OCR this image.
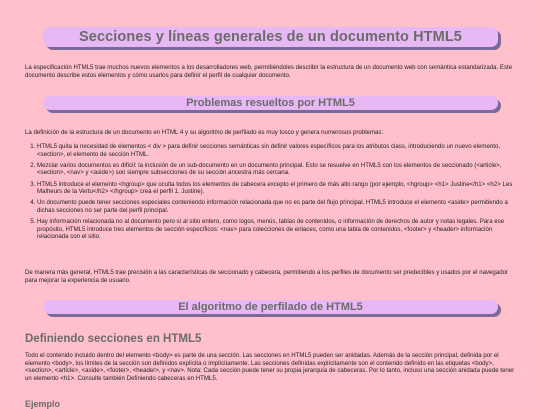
Secciones y líneas generales de un documento HTML5

La especificación HTML5 trae muchos nuevos elementos a los desarrolladores web, permitiéndoles describir la estructura de un documento web con semántica estandarizada. Este documento describe estos elementos y cómo usarlos para definir el perfil de cualquier documento.

Problemas resueltos por HTML5

La definición de la estructura de un documento en HTML 4 y su algoritmo de perfilado es muy tosco y genera numerosos problemas:

1. HTML5 quita la necesidad de elementos < div > para definir secciones semánticas sin definir valores específicos para los atributos class, introduciendo un nuevo elemento, <section>, el elemento de sección HTML.
2. Mezclar varios documentos es difícil: la inclusión de un sub-documento en un documento principal. Esto se resuelve en HTML5 con los elementos de seccionado (<article>, <section>, <nav> y <aside>) son siempre subsecciones de su sección ancestra más cercana.
3. HTML5 introduce el elemento <hgroup> que oculta todos los elementos de cabecera excepto el primero de más alto rango (por ejemplo, <hgroup> <h1> Justine</h1> <h2> Les Malheurs de la Vertu</h2> </hgroup> crea el perfil 1. Justine).
4. Un documento puede tener secciones especiales conteniendo información relacionada que no es parte del flujo principal. HTML5 introduce el elemento <aside> permitiendo a dichas secciones no ser parte del perfil principal.
5. Hay información relacionada no al documento pero sí al sitio entero, como logos, menús, tablas de contenidos, o información de derechos de autor y notas legales. Para ese propósito, HTML5 introduce tres elementos de sección específicos: <nav> para colecciones de enlaces, como una tabla de contenidos, <footer> y <header> información relacionada con el sitio.

De manera más general, HTML5 trae precisión a las características de seccionado y cabecera, permitiendo a los perfiles de documento ser predecibles y usados por el navegador para mejorar la experiencia de usuario.

El algoritmo de perfilado de HTML5
Definiendo secciones en HTML5

Todo el contenido incluido dentro del elemento <body> es parte de una sección. Las secciones en HTML5 pueden ser anidadas. Además de la sección principal, definida por el elemento <body>, los límites de la sección son definidos explícita o implícitamente. Las secciones definidas explícitamente son el contenido definido en las etiquetas <body>, <section>, <article>, <aside>, <footer>, <header>, y <nav>. Nota: Cada sección puede tener su propia jerarquía de cabeceras. Por lo tanto, incluso una sección anidada puede tener un elemento <h1>. Consulte también Definiendo cabeceras en HTML5.

Ejemplo
